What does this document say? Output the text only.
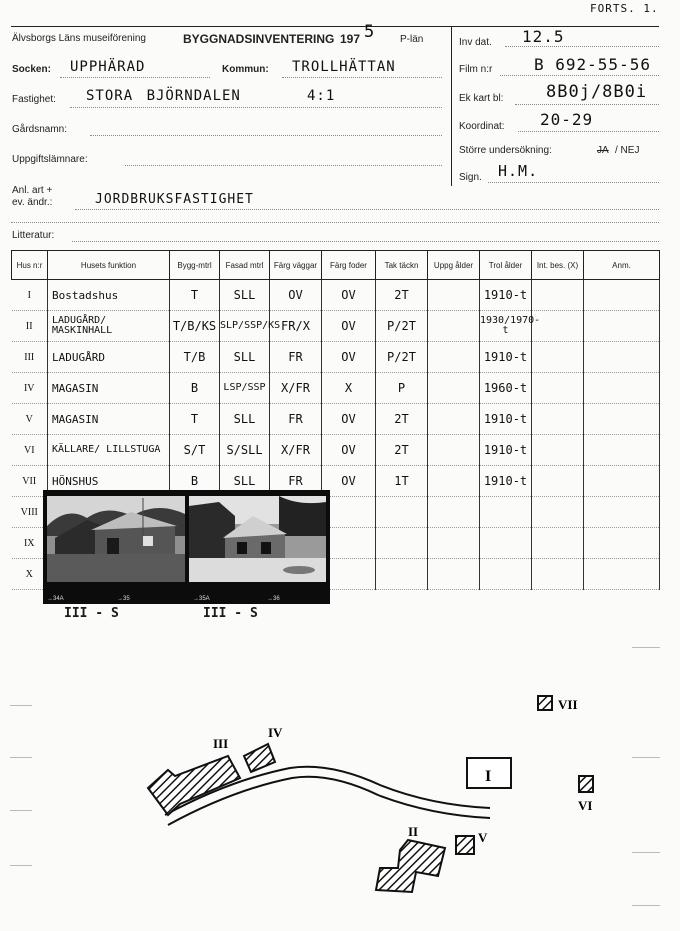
FORTS. 1.
Älvsborgs Läns museiförening	BYGGNADSINVENTERING 197 5 P-län
Socken: UPPHÄRAD	Kommun: TROLLHÄTTAN
Fastighet: STORA BJÖRNDALEN	4:1
Gårdsnamn:
Uppgiftslämnare:
Anl. art +
ev. ändr.:	JORDBRUKSFASTIGHET
Litteratur:
Inv dat. 12.5
Film n:r	B 692-55-56
Ek kart bl:	8B0j/8B0i
Koordinat: 20-29
Större undersökning:	JA / NEJ
Sign. H.M.
Hus n:r	Husets funktion	Bygg-mtrl	Fasad mtrl	Färg väggar	Färg foder	Tak täckn	Uppg ålder	Trol ålder	Int. bes. (X)	Anm.
I	Bostadshus	T	SLL	OV	OV	2T		1910-t		
II	LADUGÅRD/ MASKINHALL	T/B/KS	SLP/SSP/KS	FR/X	OV	P/2T		1930/1970-t		
III	LADUGÅRD	T/B	SLL	FR	OV	P/2T		1910-t		
IV	MAGASIN	B	LSP/SSP	X/FR	X	P		1960-t		
V	MAGASIN	T	SLL	FR	OV	2T		1910-t		
VI	KÄLLARE/ LILLSTUGA	S/T	S/SLL	X/FR	OV	2T		1910-t		
VII	HÖNSHUS	B	SLL	FR	OV	1T		1910-t		
VIII										
IX										
X										
→34A	→35	→35A	→36
III - S	III - S
III
IV
I
II	V
VI
VII
